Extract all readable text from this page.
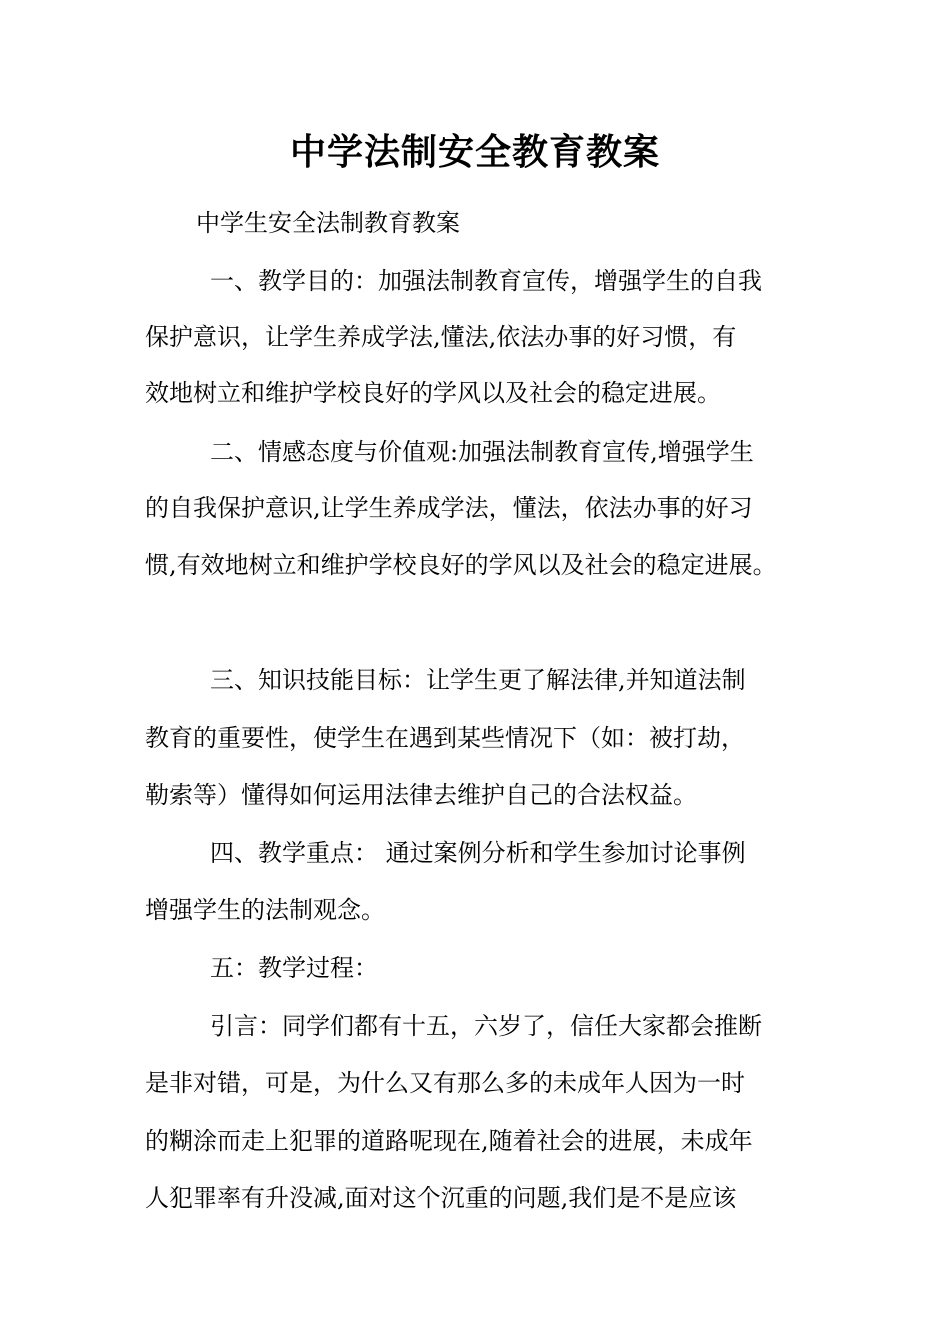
中学法制安全教育教案
中学生安全法制教育教案
一、教学目的：加强法制教育宣传，增强学生的自我
保护意识，让学生养成学法,懂法,依法办事的好习惯，有
效地树立和维护学校良好的学风以及社会的稳定进展。
二、情感态度与价值观:加强法制教育宣传,增强学生
的自我保护意识,让学生养成学法，懂法，依法办事的好习
惯,有效地树立和维护学校良好的学风以及社会的稳定进展。
三、知识技能目标：让学生更了解法律,并知道法制
教育的重要性，使学生在遇到某些情况下（如：被打劫，
勒索等）懂得如何运用法律去维护自己的合法权益。
四、教学重点： 通过案例分析和学生参加讨论事例
增强学生的法制观念。
五：教学过程：
引言：同学们都有十五，六岁了，信任大家都会推断
是非对错，可是，为什么又有那么多的未成年人因为一时
的糊涂而走上犯罪的道路呢现在,随着社会的进展，未成年
人犯罪率有升没减,面对这个沉重的问题,我们是不是应该
